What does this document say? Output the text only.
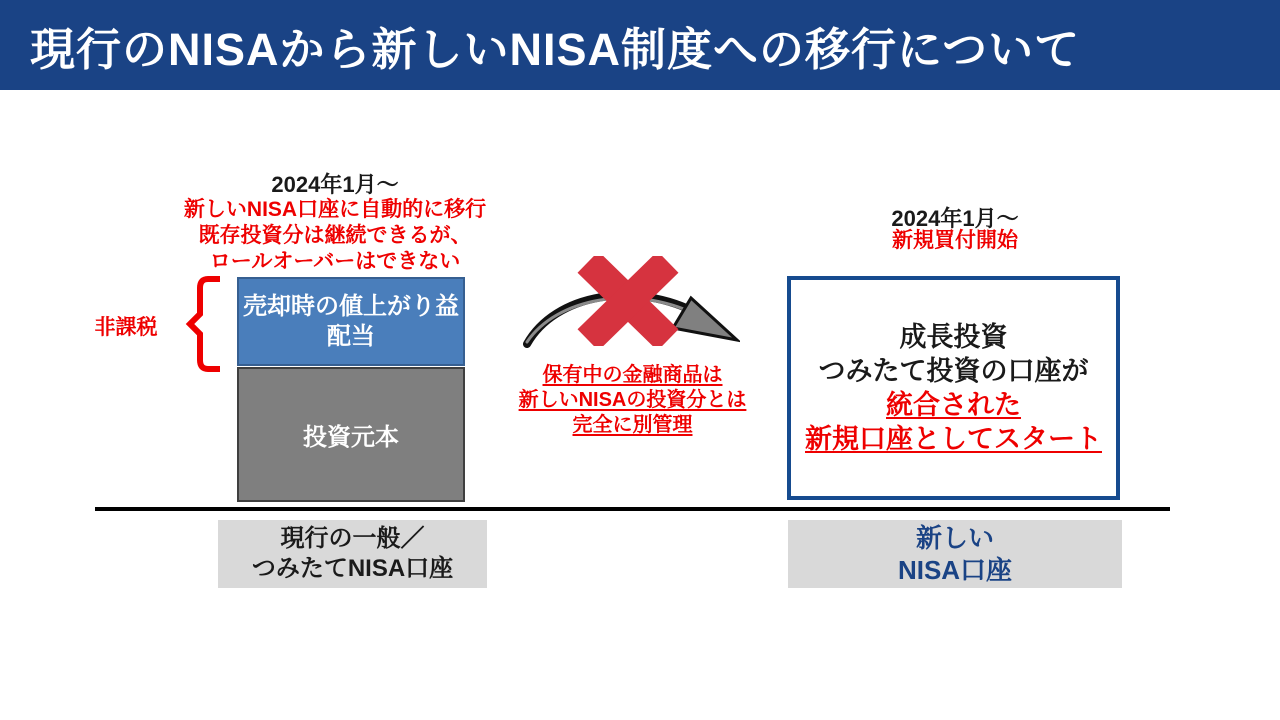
現行のNISAから新しいNISA制度への移行について
2024年1月～
新しいNISA口座に自動的に移行
既存投資分は継続できるが、
ロールオーバーはできない
非課税
売却時の値上がり益
配当
投資元本
保有中の金融商品は
新しいNISAの投資分とは
完全に別管理
2024年1月～
新規買付開始
成長投資
つみたて投資の口座が
統合された
新規口座としてスタート
現行の一般／
つみたてNISA口座
新しい
NISA口座
